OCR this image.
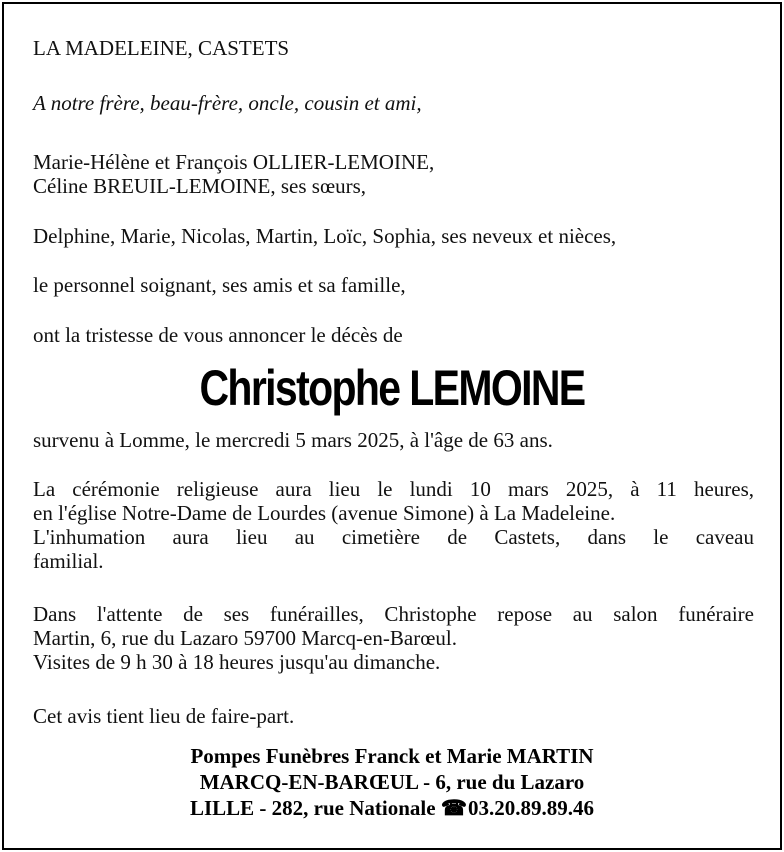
LA MADELEINE, CASTETS
A notre frère, beau-frère, oncle, cousin et ami,
Marie-Hélène et François OLLIER-LEMOINE,
Céline BREUIL-LEMOINE, ses sœurs,
Delphine, Marie, Nicolas, Martin, Loïc, Sophia, ses neveux et nièces,
le personnel soignant, ses amis et sa famille,
ont la tristesse de vous annoncer le décès de
Christophe LEMOINE
survenu à Lomme, le mercredi 5 mars 2025, à l'âge de 63 ans.
La cérémonie religieuse aura lieu le lundi 10 mars 2025, à 11 heures,
en l'église Notre-Dame de Lourdes (avenue Simone) à La Madeleine.
L'inhumation aura lieu au cimetière de Castets, dans le caveau
familial.
Dans l'attente de ses funérailles, Christophe repose au salon funéraire
Martin, 6, rue du Lazaro 59700 Marcq-en-Barœul.
Visites de 9 h 30 à 18 heures jusqu'au dimanche.
Cet avis tient lieu de faire-part.
Pompes Funèbres Franck et Marie MARTIN
MARCQ-EN-BARŒUL - 6, rue du Lazaro
LILLE - 282, rue Nationale ☎03.20.89.89.46
